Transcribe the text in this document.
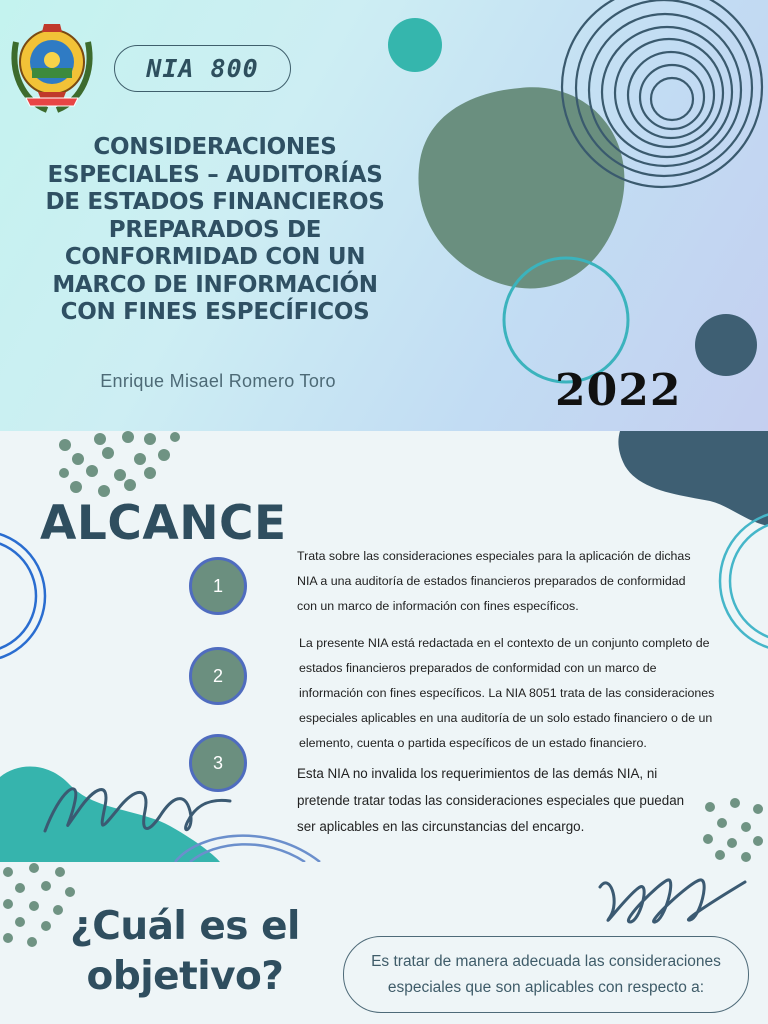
NIA 800
CONSIDERACIONES
ESPECIALES – AUDITORÍAS
DE ESTADOS FINANCIEROS
PREPARADOS DE
CONFORMIDAD CON UN
MARCO DE INFORMACIÓN
CON FINES ESPECÍFICOS
Enrique Misael Romero Toro	2022
ALCANCE
1
2
3
Trata sobre las consideraciones especiales para la aplicación de dichas
NIA a una auditoría de estados financieros preparados de conformidad
con un marco de información con fines específicos.
La presente NIA está redactada en el contexto de un conjunto completo de
estados financieros preparados de conformidad con un marco de
información con fines específicos. La NIA 8051 trata de las consideraciones
especiales aplicables en una auditoría de un solo estado financiero o de un
elemento, cuenta o partida específicos de un estado financiero.
Esta NIA no invalida los requerimientos de las demás NIA, ni
pretende tratar todas las consideraciones especiales que puedan
ser aplicables en las circunstancias del encargo.
¿Cuál es el
objetivo?	Es tratar de manera adecuada las consideraciones
especiales que son aplicables con respecto a:
